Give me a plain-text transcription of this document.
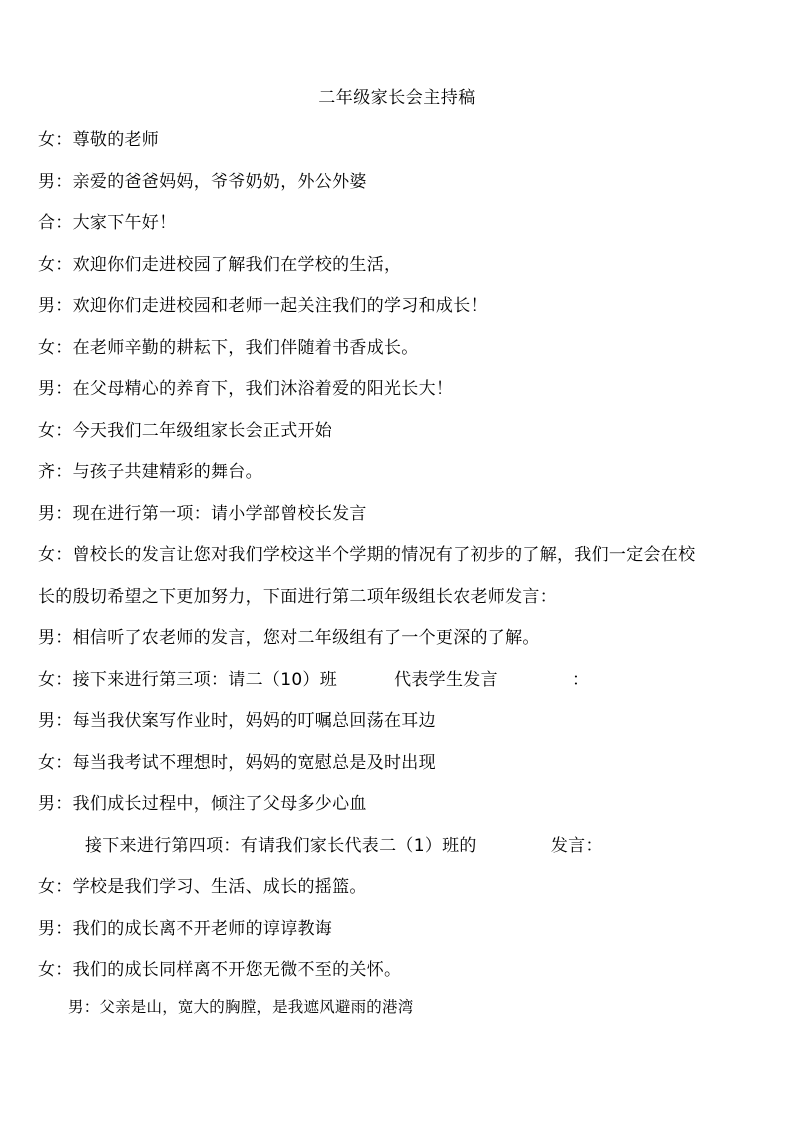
二年级家长会主持稿
女：尊敬的老师
男：亲爱的爸爸妈妈，爷爷奶奶，外公外婆
合：大家下午好！
女：欢迎你们走进校园了解我们在学校的生活，
男：欢迎你们走进校园和老师一起关注我们的学习和成长！
女：在老师辛勤的耕耘下，我们伴随着书香成长。
男：在父母精心的养育下，我们沐浴着爱的阳光长大！
女：今天我们二年级组家长会正式开始
齐：与孩子共建精彩的舞台。
男：现在进行第一项：请小学部曾校长发言
女：曾校长的发言让您对我们学校这半个学期的情况有了初步的了解，我们一定会在校
长的殷切希望之下更加努力，下面进行第二项年级组长农老师发言：
男：相信听了农老师的发言，您对二年级组有了一个更深的了解。
女：接下来进行第三项：请二（10）班          代表学生发言             ：
男：每当我伏案写作业时，妈妈的叮嘱总回荡在耳边
女：每当我考试不理想时，妈妈的宽慰总是及时出现
男：我们成长过程中，倾注了父母多少心血
接下来进行第四项：有请我们家长代表二（1）班的             发言：
女：学校是我们学习、生活、成长的摇篮。
男：我们的成长离不开老师的谆谆教诲
女：我们的成长同样离不开您无微不至的关怀。
男：父亲是山，宽大的胸膛，是我遮风避雨的港湾
